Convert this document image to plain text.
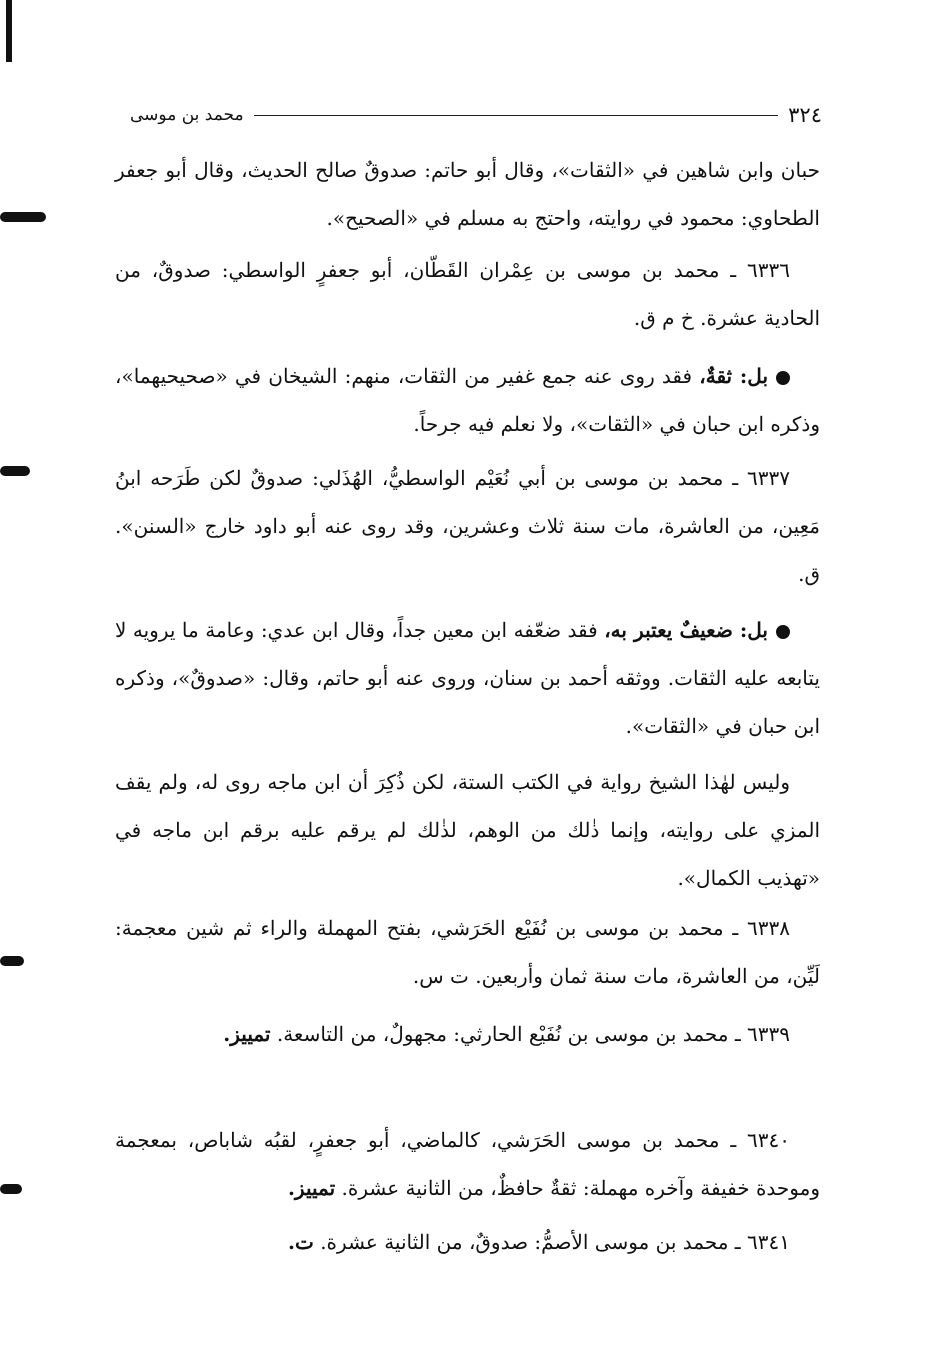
٣٢٤
محمد بن موسى
حبان وابن شاهين في «الثقات»، وقال أبو حاتم: صدوقٌ صالح الحديث، وقال أبو جعفر الطحاوي: محمود في روايته، واحتج به مسلم في «الصحيح».
٦٣٣٦ ـ محمد بن موسى بن عِمْران القَطّان، أبو جعفرٍ الواسطي: صدوقٌ، من الحادية عشرة. خ م ق.
بل: ثقةٌ، فقد روى عنه جمع غفير من الثقات، منهم: الشيخان في «صحيحيهما»، وذكره ابن حبان في «الثقات»، ولا نعلم فيه جرحاً.
٦٣٣٧ ـ محمد بن موسى بن أبي نُعَيْم الواسطيُّ، الهُذَلي: صدوقٌ لكن طَرَحه ابنُ مَعِين، من العاشرة، مات سنة ثلاث وعشرين، وقد روى عنه أبو داود خارج «السنن». ق.
بل: ضعيفٌ يعتبر به، فقد ضعّفه ابن معين جداً، وقال ابن عدي: وعامة ما يرويه لا يتابعه عليه الثقات. ووثقه أحمد بن سنان، وروى عنه أبو حاتم، وقال: «صدوقٌ»، وذكره ابن حبان في «الثقات».
وليس لهٰذا الشيخ رواية في الكتب الستة، لكن ذُكِرَ أن ابن ماجه روى له، ولم يقف المزي على روايته، وإنما ذٰلك من الوهم، لذٰلك لم يرقم عليه برقم ابن ماجه في «تهذيب الكمال».
٦٣٣٨ ـ محمد بن موسى بن نُفَيْع الحَرَشي، بفتح المهملة والراء ثم شين معجمة: لَيِّن، من العاشرة، مات سنة ثمان وأربعين. ت س.
٦٣٣٩ ـ محمد بن موسى بن نُفَيْع الحارثي: مجهولٌ، من التاسعة. تمييز.
٦٣٤٠ ـ محمد بن موسى الحَرَشي، كالماضي، أبو جعفرٍ، لقبُه شاباص، بمعجمة وموحدة خفيفة وآخره مهملة: ثقةٌ حافظٌ، من الثانية عشرة. تمييز.
٦٣٤١ ـ محمد بن موسى الأصمُّ: صدوقٌ، من الثانية عشرة. ت.
